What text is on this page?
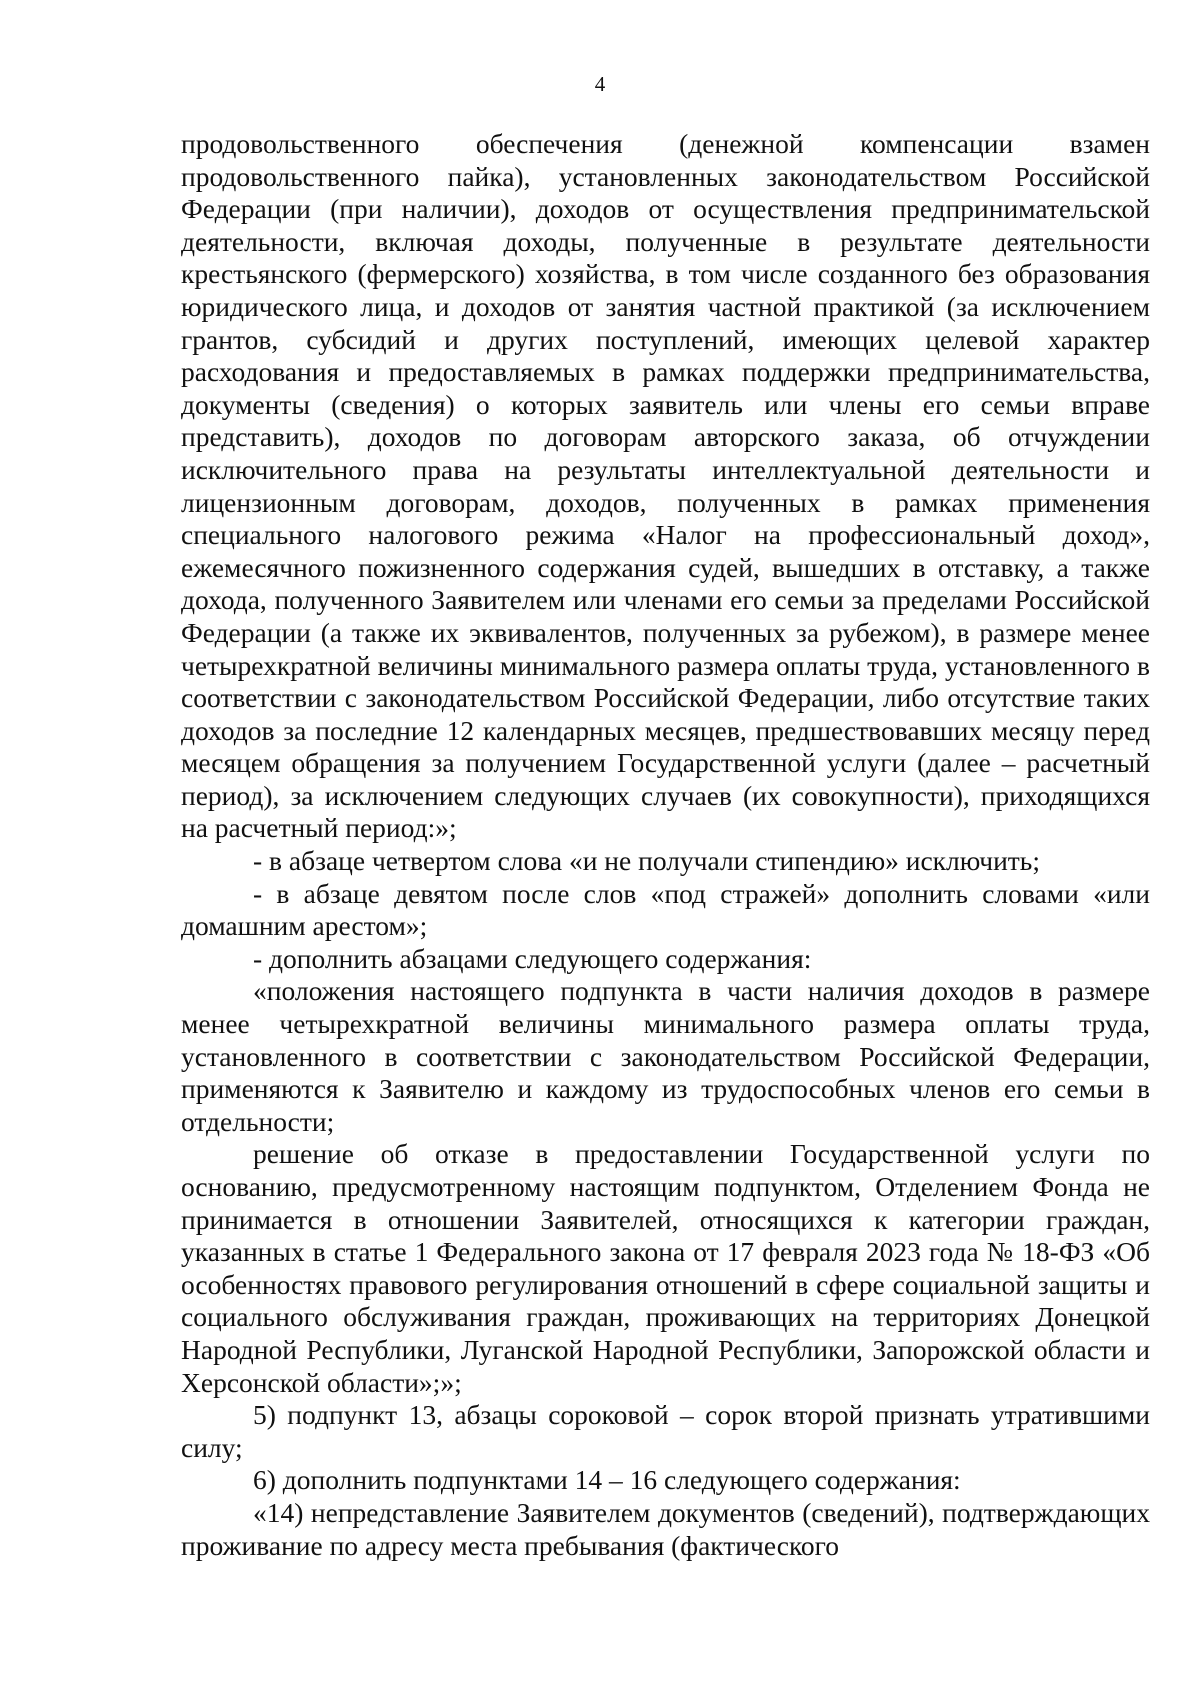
4

продовольственного обеспечения (денежной компенсации взамен продовольственного пайка), установленных законодательством Российской Федерации (при наличии), доходов от осуществления предпринимательской деятельности, включая доходы, полученные в результате деятельности крестьянского (фермерского) хозяйства, в том числе созданного без образования юридического лица, и доходов от занятия частной практикой (за исключением грантов, субсидий и других поступлений, имеющих целевой характер расходования и предоставляемых в рамках поддержки предпринимательства, документы (сведения) о которых заявитель или члены его семьи вправе представить), доходов по договорам авторского заказа, об отчуждении исключительного права на результаты интеллектуальной деятельности и лицензионным договорам, доходов, полученных в рамках применения специального налогового режима «Налог на профессиональный доход», ежемесячного пожизненного содержания судей, вышедших в отставку, а также дохода, полученного Заявителем или членами его семьи за пределами Российской Федерации (а также их эквивалентов, полученных за рубежом), в размере менее четырехкратной величины минимального размера оплаты труда, установленного в соответствии с законодательством Российской Федерации, либо отсутствие таких доходов за последние 12 календарных месяцев, предшествовавших месяцу перед месяцем обращения за получением Государственной услуги (далее – расчетный период), за исключением следующих случаев (их совокупности), приходящихся на расчетный период:»;

- в абзаце четвертом слова «и не получали стипендию» исключить;

- в абзаце девятом после слов «под стражей» дополнить словами «или домашним арестом»;

- дополнить абзацами следующего содержания:

«положения настоящего подпункта в части наличия доходов в размере менее четырехкратной величины минимального размера оплаты труда, установленного в соответствии с законодательством Российской Федерации, применяются к Заявителю и каждому из трудоспособных членов его семьи в отдельности;

решение об отказе в предоставлении Государственной услуги по основанию, предусмотренному настоящим подпунктом, Отделением Фонда не принимается в отношении Заявителей, относящихся к категории граждан, указанных в статье 1 Федерального закона от 17 февраля 2023 года № 18-ФЗ «Об особенностях правового регулирования отношений в сфере социальной защиты и социального обслуживания граждан, проживающих на территориях Донецкой Народной Республики, Луганской Народной Республики, Запорожской области и Херсонской области»;»;

5) подпункт 13, абзацы сороковой – сорок второй признать утратившими силу;

6) дополнить подпунктами 14 – 16 следующего содержания:

«14) непредставление Заявителем документов (сведений), подтверждающих проживание по адресу места пребывания (фактического
